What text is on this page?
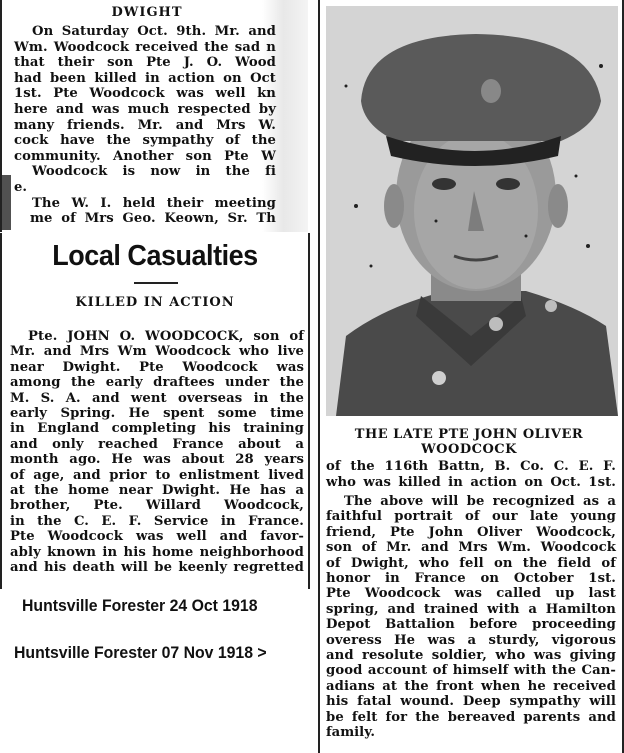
DWIGHT
On Saturday Oct. 9th. Mr. and
Wm. Woodcock received the sad n
that their son Pte J. O. Wood
had been killed in action on Oct
1st. Pte Woodcock was well kn
here and was much respected by
many friends. Mr. and Mrs W.
cock have the sympathy of the
community. Another son Pte W
Woodcock is now in the fi
e.
The W. I. held their meeting
me of Mrs Geo. Keown, Sr. Th
Local Casualties
KILLED IN ACTION
Pte. JOHN O. WOODCOCK, son of
Mr. and Mrs Wm Woodcock who live
near Dwight. Pte Woodcock was
among the early draftees under the
M. S. A. and went overseas in the
early Spring. He spent some time
in England completing his training
and only reached France about a
month ago. He was about 28 years
of age, and prior to enlistment lived
at the home near Dwight. He has a
brother, Pte. Willard Woodcock,
in the C. E. F. Service in France.
Pte Woodcock was well and favor-
ably known in his home neighborhood
and his death will be keenly regretted
Huntsville Forester 24 Oct 1918
Huntsville Forester 07 Nov 1918 >
THE LATE PTE JOHN OLIVER
WOODCOCK
of the 116th Battn, B. Co. C. E. F.
who was killed in action on Oct. 1st.
The above will be recognized as a
faithful portrait of our late young
friend, Pte John Oliver Woodcock,
son of Mr. and Mrs Wm. Woodcock
of Dwight, who fell on the field of
honor in France on October 1st.
Pte Woodcock was called up last
spring, and trained with a Hamilton
Depot Battalion before proceeding
overess He was a sturdy, vigorous
and resolute soldier, who was giving
good account of himself with the Can-
adians at the front when he received
his fatal wound. Deep sympathy will
be felt for the bereaved parents and
family.
